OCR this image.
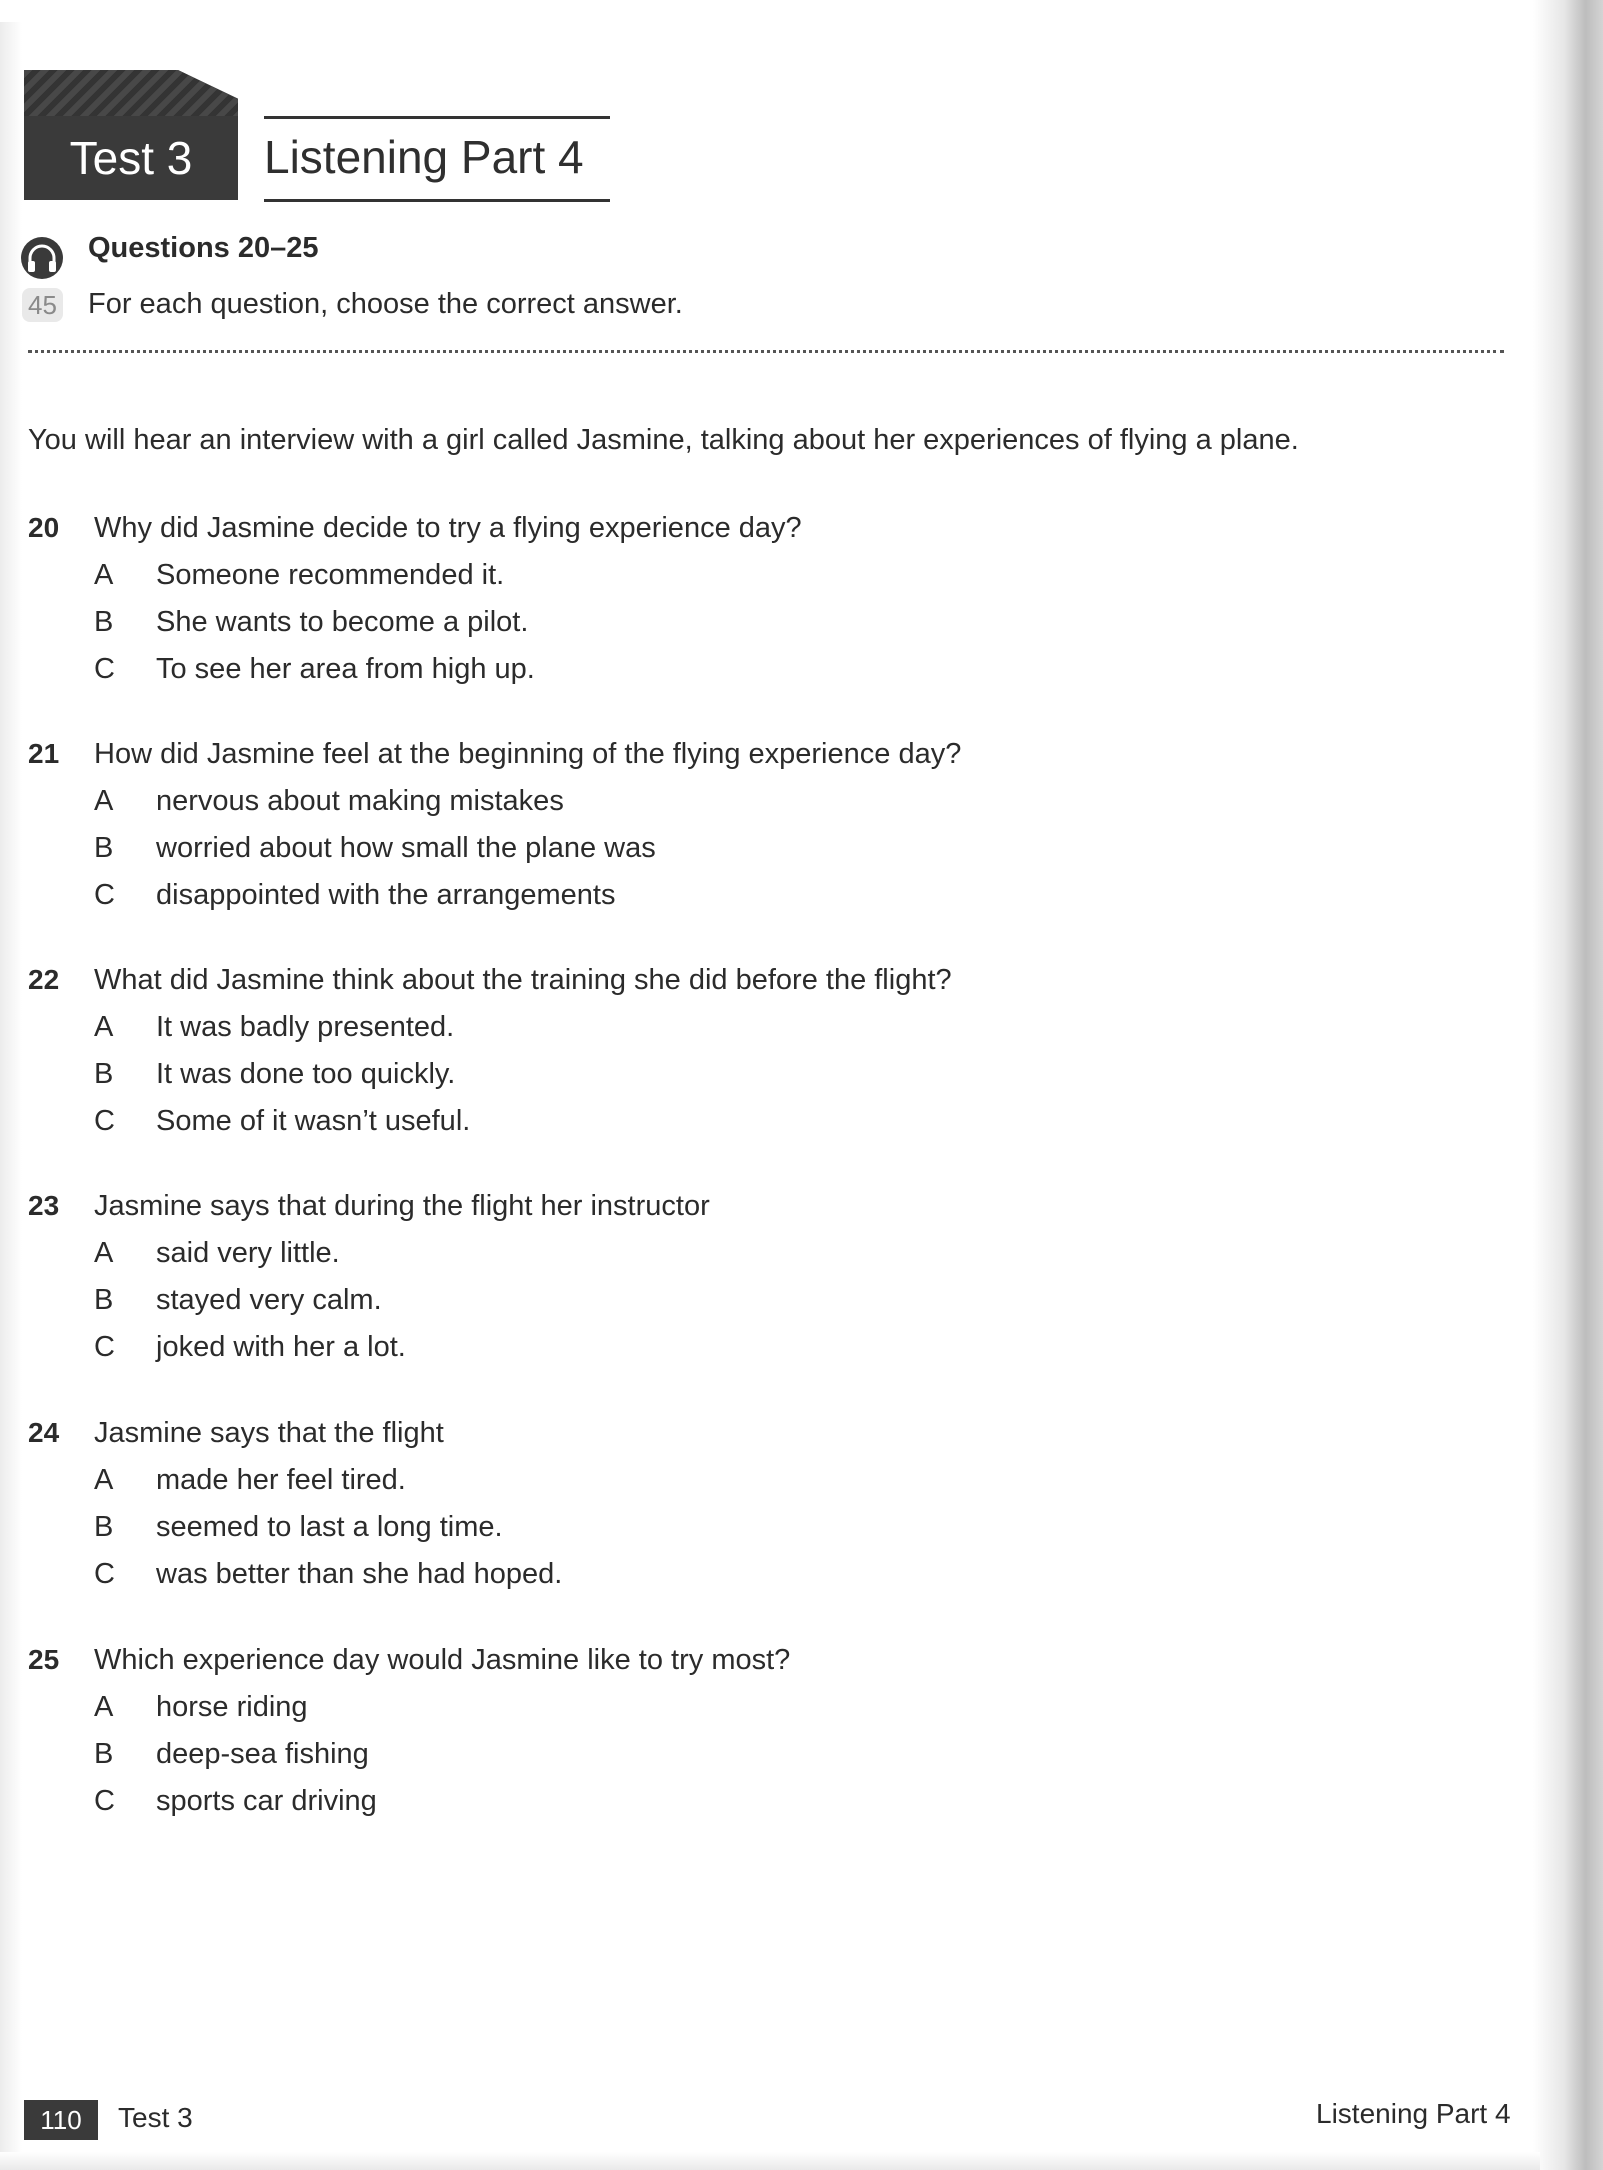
Test 3	Listening Part 4
45
Questions 20–25
For each question, choose the correct answer.
You will hear an interview with a girl called Jasmine, talking about her experiences of flying a plane.
20 Why did Jasmine decide to try a flying experience day?
A Someone recommended it.
B She wants to become a pilot.
C To see her area from high up.
21 How did Jasmine feel at the beginning of the flying experience day?
A nervous about making mistakes
B worried about how small the plane was
C disappointed with the arrangements
22 What did Jasmine think about the training she did before the flight?
A It was badly presented.
B It was done too quickly.
C Some of it wasn’t useful.
23 Jasmine says that during the flight her instructor
A said very little.
B stayed very calm.
C joked with her a lot.
24 Jasmine says that the flight
A made her feel tired.
B seemed to last a long time.
C was better than she had hoped.
25 Which experience day would Jasmine like to try most?
A horse riding
B deep-sea fishing
C sports car driving
110	Test 3	Listening Part 4
